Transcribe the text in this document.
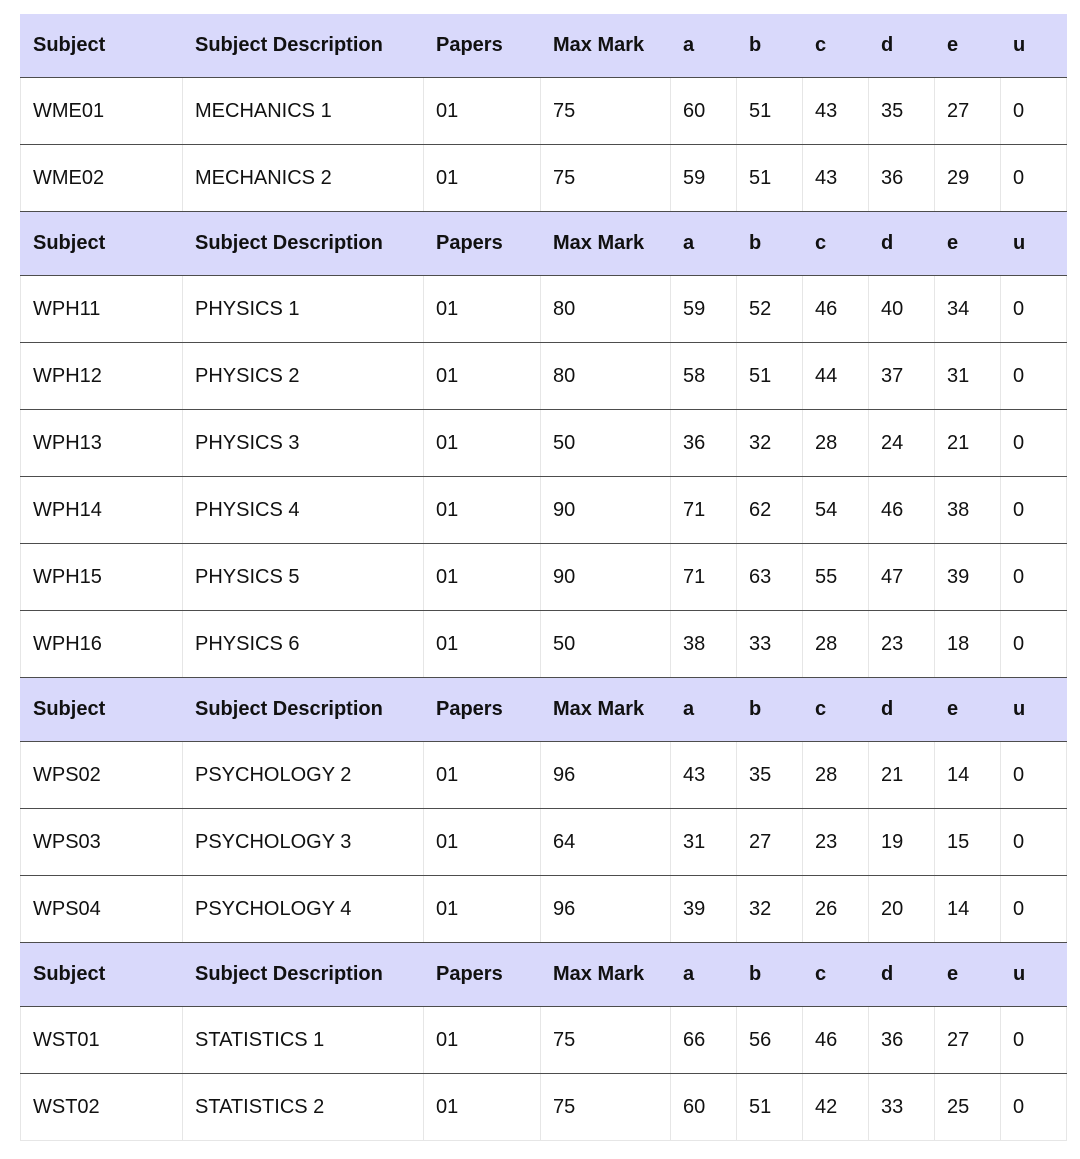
Subject	Subject Description	Papers	Max Mark	a	b	c	d	e	u
WME01	MECHANICS 1	01	75	60	51	43	35	27	0
WME02	MECHANICS 2	01	75	59	51	43	36	29	0
Subject	Subject Description	Papers	Max Mark	a	b	c	d	e	u
WPH11	PHYSICS 1	01	80	59	52	46	40	34	0
WPH12	PHYSICS 2	01	80	58	51	44	37	31	0
WPH13	PHYSICS 3	01	50	36	32	28	24	21	0
WPH14	PHYSICS 4	01	90	71	62	54	46	38	0
WPH15	PHYSICS 5	01	90	71	63	55	47	39	0
WPH16	PHYSICS 6	01	50	38	33	28	23	18	0
Subject	Subject Description	Papers	Max Mark	a	b	c	d	e	u
WPS02	PSYCHOLOGY 2	01	96	43	35	28	21	14	0
WPS03	PSYCHOLOGY 3	01	64	31	27	23	19	15	0
WPS04	PSYCHOLOGY 4	01	96	39	32	26	20	14	0
Subject	Subject Description	Papers	Max Mark	a	b	c	d	e	u
WST01	STATISTICS 1	01	75	66	56	46	36	27	0
WST02	STATISTICS 2	01	75	60	51	42	33	25	0
